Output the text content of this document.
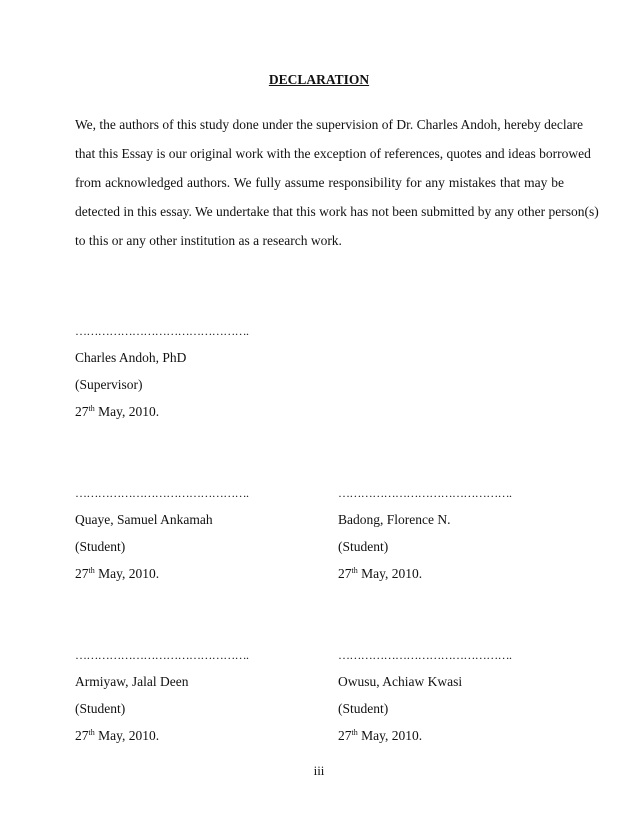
DECLARATION
We, the authors of this study done under the supervision of Dr. Charles Andoh, hereby declare
that this Essay is our original work with the exception of references, quotes and ideas borrowed
from acknowledged authors. We fully assume responsibility for any mistakes that may be
detected in this essay. We undertake that this work has not been submitted by any other person(s)
to this or any other institution as a research work.
……………………………………….
Charles Andoh, PhD
(Supervisor)
27th May, 2010.
……………………………………….
Quaye, Samuel Ankamah
(Student)
27th May, 2010.
……………………………………….
Badong, Florence N.
(Student)
27th May, 2010.
……………………………………….
Armiyaw, Jalal Deen
(Student)
27th May, 2010.
……………………………………….
Owusu, Achiaw Kwasi
(Student)
27th May, 2010.
iii
